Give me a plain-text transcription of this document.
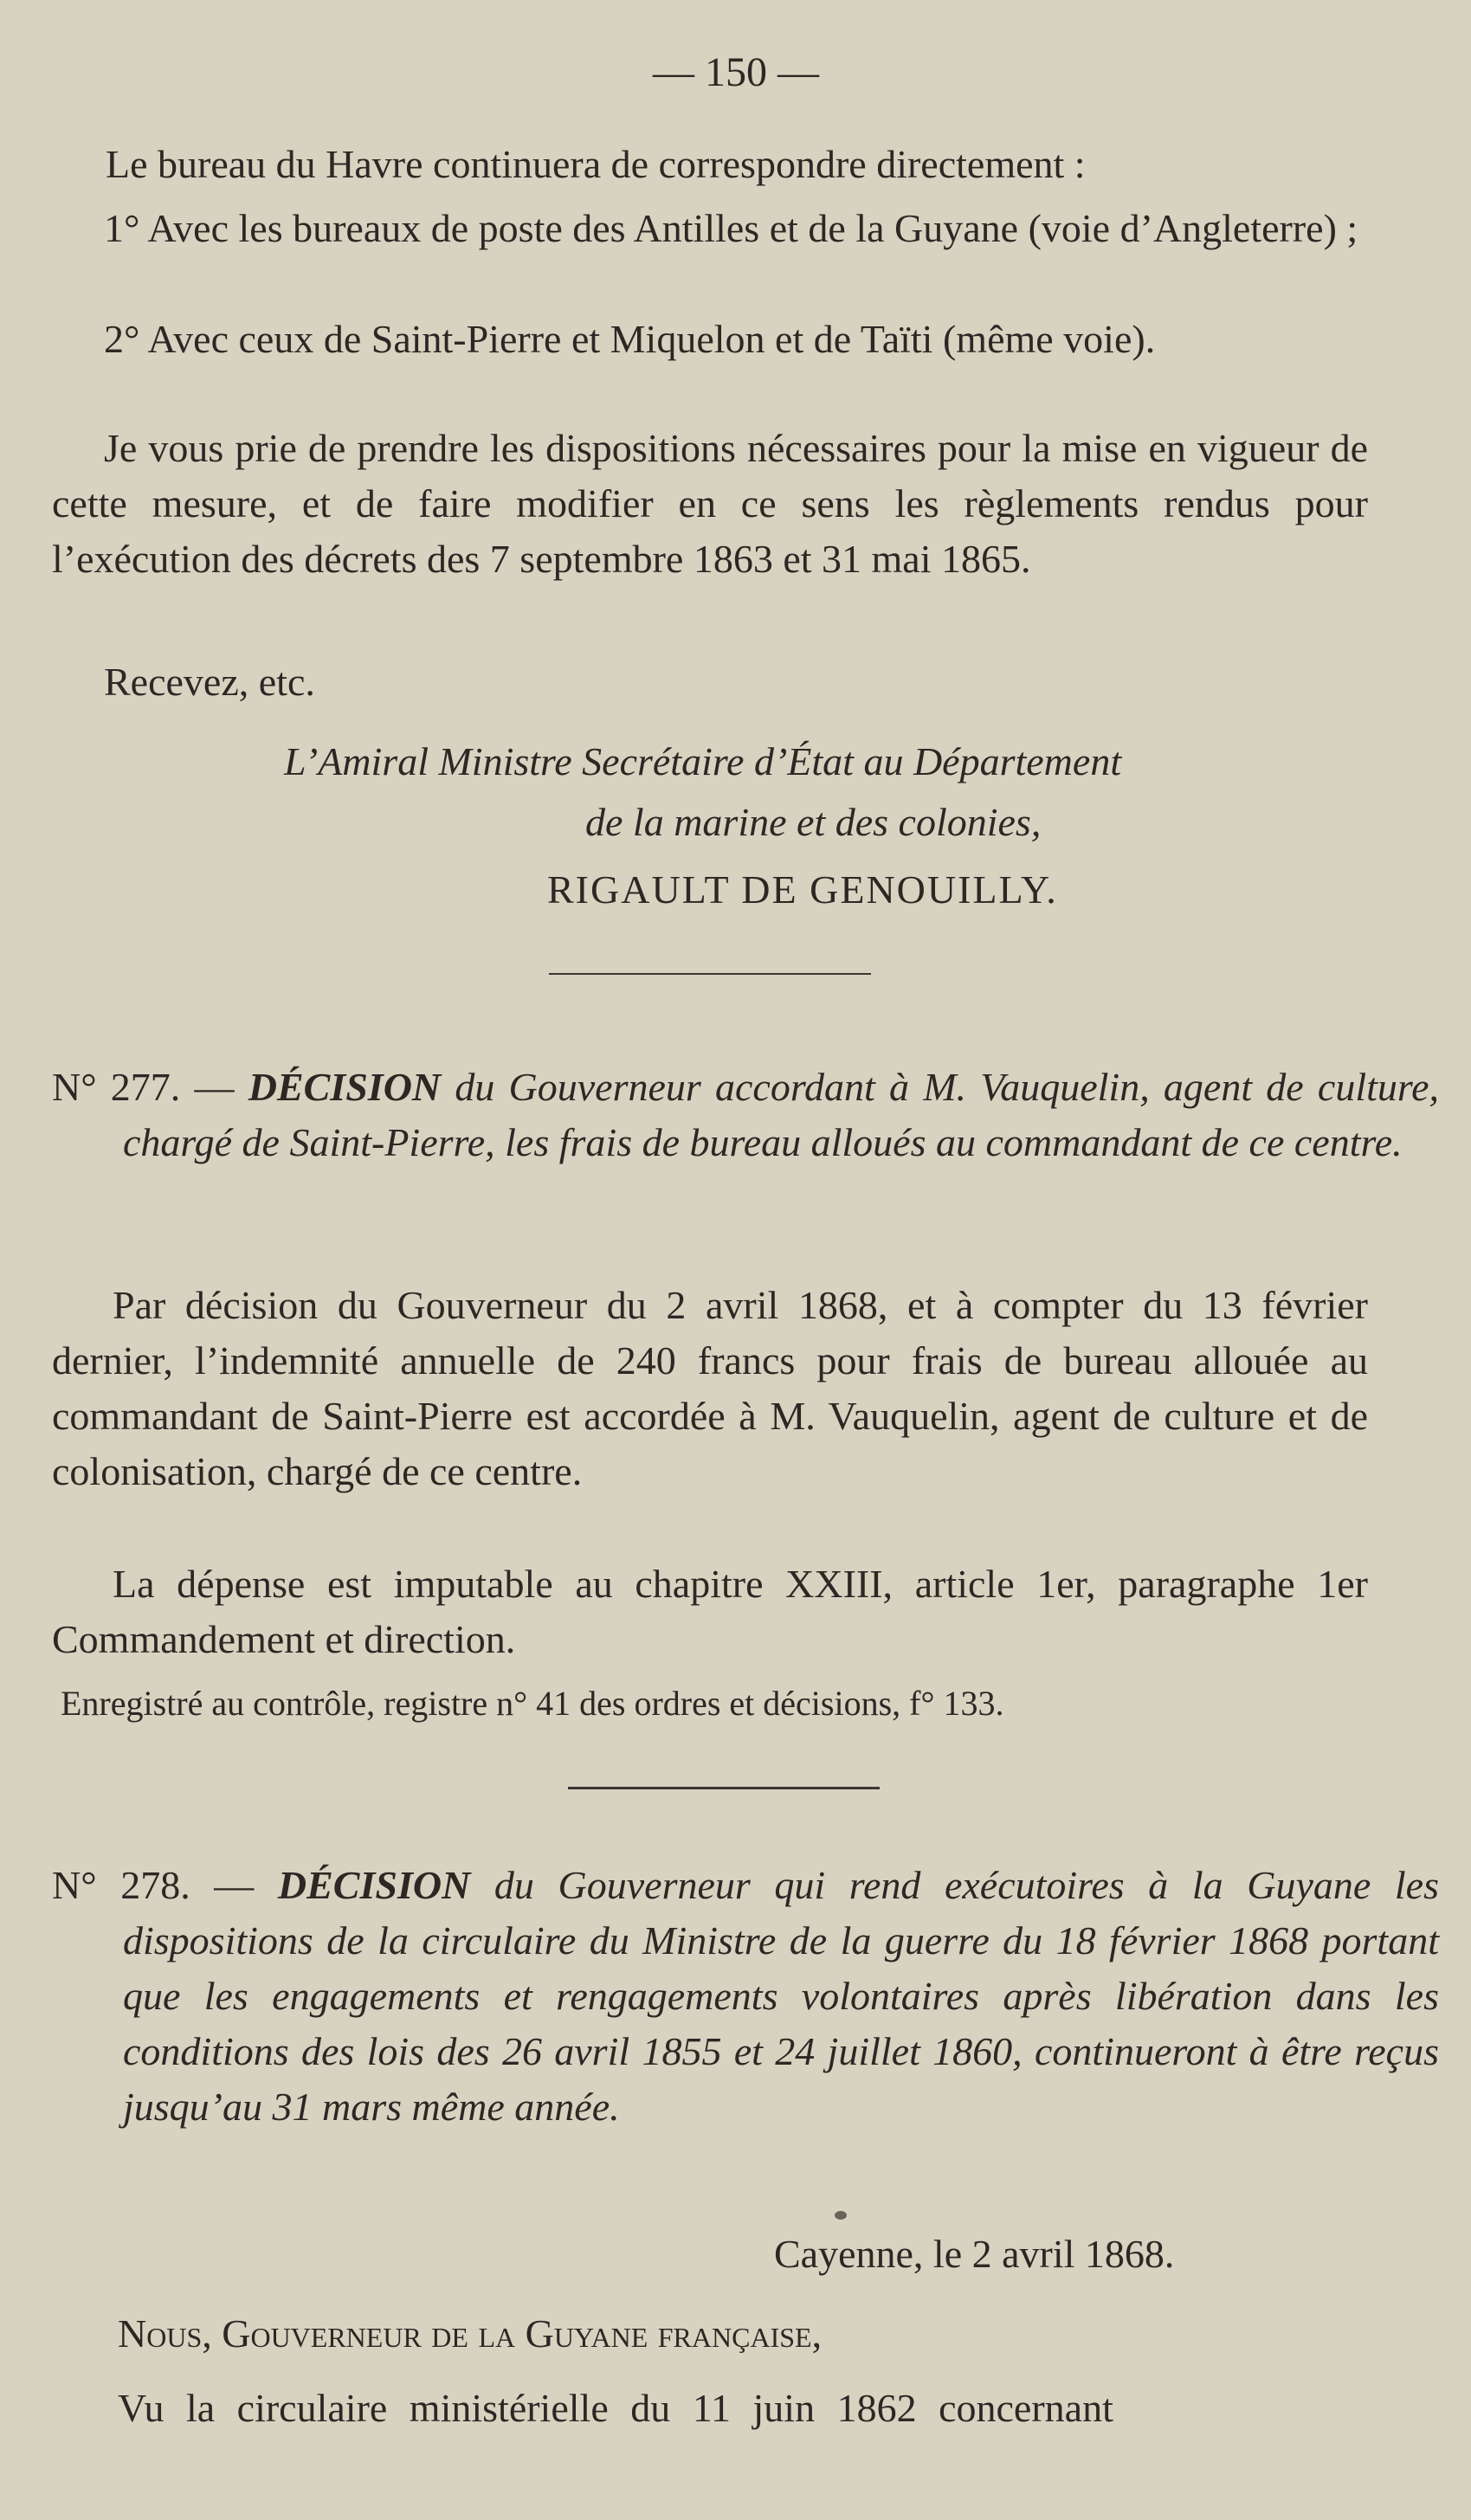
— 150 —

Le bureau du Havre continuera de correspondre directement :

1° Avec les bureaux de poste des Antilles et de la Guyane (voie d’Angleterre) ;

2° Avec ceux de Saint-Pierre et Miquelon et de Taïti (même voie).

Je vous prie de prendre les dispositions nécessaires pour la mise en vigueur de cette mesure, et de faire modifier en ce sens les règlements rendus pour l’exécution des décrets des 7 septembre 1863 et 31 mai 1865.

Recevez, etc.

L’Amiral Ministre Secrétaire d’État au Département

de la marine et des colonies,

RIGAULT DE GENOUILLY.

N° 277. — DÉCISION du Gouverneur accordant à M. Vauquelin, agent de culture, chargé de Saint-Pierre, les frais de bureau alloués au commandant de ce centre.

Par décision du Gouverneur du 2 avril 1868, et à compter du 13 février dernier, l’indemnité annuelle de 240 francs pour frais de bureau allouée au commandant de Saint-Pierre est accordée à M. Vauquelin, agent de culture et de colonisation, chargé de ce centre.

La dépense est imputable au chapitre XXIII, article 1er, paragraphe 1er Commandement et direction.

Enregistré au contrôle, registre n° 41 des ordres et décisions, f° 133.

N° 278. — DÉCISION du Gouverneur qui rend exécutoires à la Guyane les dispositions de la circulaire du Ministre de la guerre du 18 février 1868 portant que les engagements et rengagements volontaires après libération dans les conditions des lois des 26 avril 1855 et 24 juillet 1860, continueront à être reçus jusqu’au 31 mars même année.

Cayenne, le 2 avril 1868.

Nous, Gouverneur de la Guyane française,

Vu la circulaire ministérielle du 11 juin 1862 concernant
